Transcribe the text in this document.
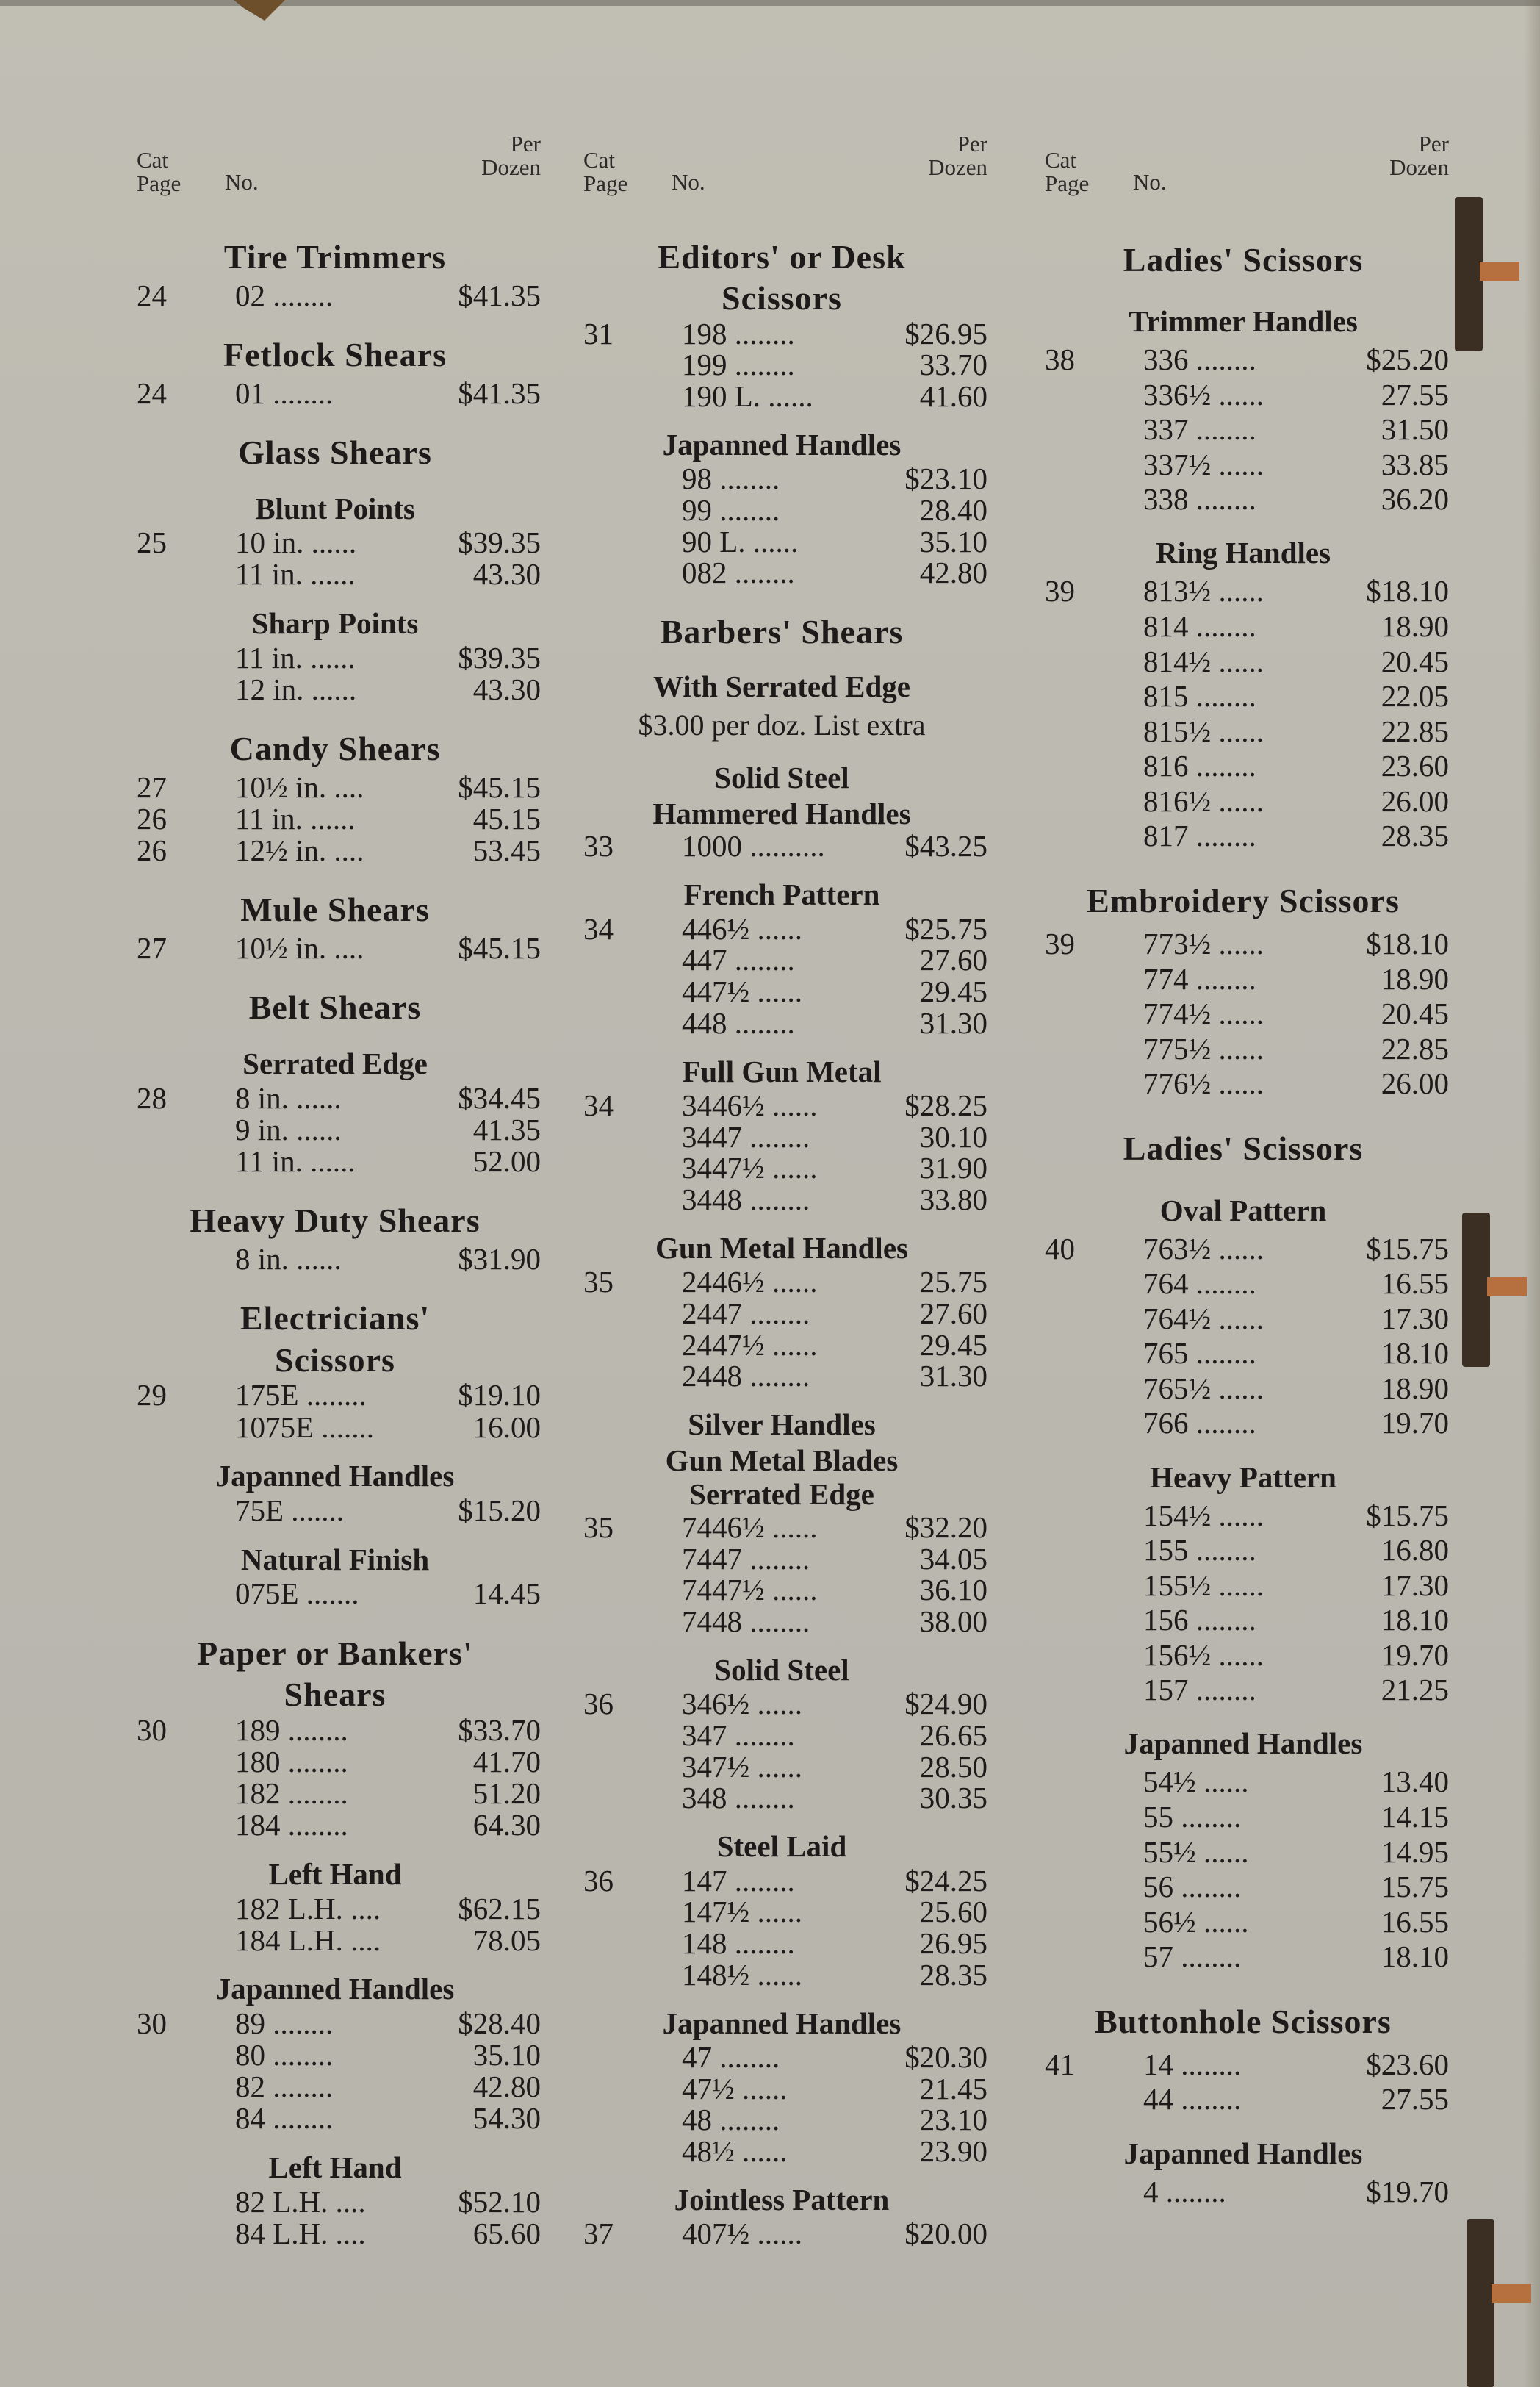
Cat
Page No.
Per
Dozen
Tire Trimmers
24 02 ........	$41.35
Fetlock Shears
24 01 ........	$41.35
Glass Shears
Blunt Points
25 10 in. ......	$39.35
11 in. ......	43.30
Sharp Points
11 in. ......	$39.35
12 in. ......	43.30
Candy Shears
27 10½ in. ....	$45.15
26 11 in. ......	45.15
26 12½ in. ....	53.45
Mule Shears
27 10½ in. ....	$45.15
Belt Shears
Serrated Edge
28 8 in. ......	$34.45
9 in. ......	41.35
11 in. ......	52.00
Heavy Duty Shears
8 in. ......	$31.90
Electricians'
Scissors
29 175E ........	$19.10
1075E .......	16.00
Japanned Handles
75E .......	$15.20
Natural Finish
075E .......	14.45
Paper or Bankers'
Shears
30 189 ........	$33.70
180 ........	41.70
182 ........	51.20
184 ........	64.30
Left Hand
182 L.H. ....	$62.15
184 L.H. ....	78.05
Japanned Handles
30 89 ........	$28.40
80 ........	35.10
82 ........	42.80
84 ........	54.30
Left Hand
82 L.H. ....	$52.10
84 L.H. ....	65.60
Cat
Page No.
Per
Dozen
Editors' or Desk
Scissors
31 198 ........	$26.95
199 ........	33.70
190 L. ......	41.60
Japanned Handles
98 ........	$23.10
99 ........	28.40
90 L. ......	35.10
082 ........	42.80
Barbers' Shears
With Serrated Edge
$3.00 per doz. List extra
Solid Steel
Hammered Handles
33 1000 ..........	$43.25
French Pattern
34 446½ ......	$25.75
447 ........	27.60
447½ ......	29.45
448 ........	31.30
Full Gun Metal
34 3446½ ......	$28.25
3447 ........	30.10
3447½ ......	31.90
3448 ........	33.80
Gun Metal Handles
35 2446½ ......	25.75
2447 ........	27.60
2447½ ......	29.45
2448 ........	31.30
Silver Handles
Gun Metal Blades
Serrated Edge
35 7446½ ......	$32.20
7447 ........	34.05
7447½ ......	36.10
7448 ........	38.00
Solid Steel
36 346½ ......	$24.90
347 ........	26.65
347½ ......	28.50
348 ........	30.35
Steel Laid
36 147 ........	$24.25
147½ ......	25.60
148 ........	26.95
148½ ......	28.35
Japanned Handles
47 ........	$20.30
47½ ......	21.45
48 ........	23.10
48½ ......	23.90
Jointless Pattern
37 407½ ......	$20.00
Cat
Page No.
Per
Dozen
Ladies' Scissors
Trimmer Handles
38 336 ........	$25.20
336½ ......	27.55
337 ........	31.50
337½ ......	33.85
338 ........	36.20
Ring Handles
39 813½ ......	$18.10
814 ........	18.90
814½ ......	20.45
815 ........	22.05
815½ ......	22.85
816 ........	23.60
816½ ......	26.00
817 ........	28.35
Embroidery Scissors
39 773½ ......	$18.10
774 ........	18.90
774½ ......	20.45
775½ ......	22.85
776½ ......	26.00
Ladies' Scissors
Oval Pattern
40 763½ ......	$15.75
764 ........	16.55
764½ ......	17.30
765 ........	18.10
765½ ......	18.90
766 ........	19.70
Heavy Pattern
154½ ......	$15.75
155 ........	16.80
155½ ......	17.30
156 ........	18.10
156½ ......	19.70
157 ........	21.25
Japanned Handles
54½ ......	13.40
55 ........	14.15
55½ ......	14.95
56 ........	15.75
56½ ......	16.55
57 ........	18.10
Buttonhole Scissors
41 14 ........	$23.60
44 ........	27.55
Japanned Handles
4 ........	$19.70
